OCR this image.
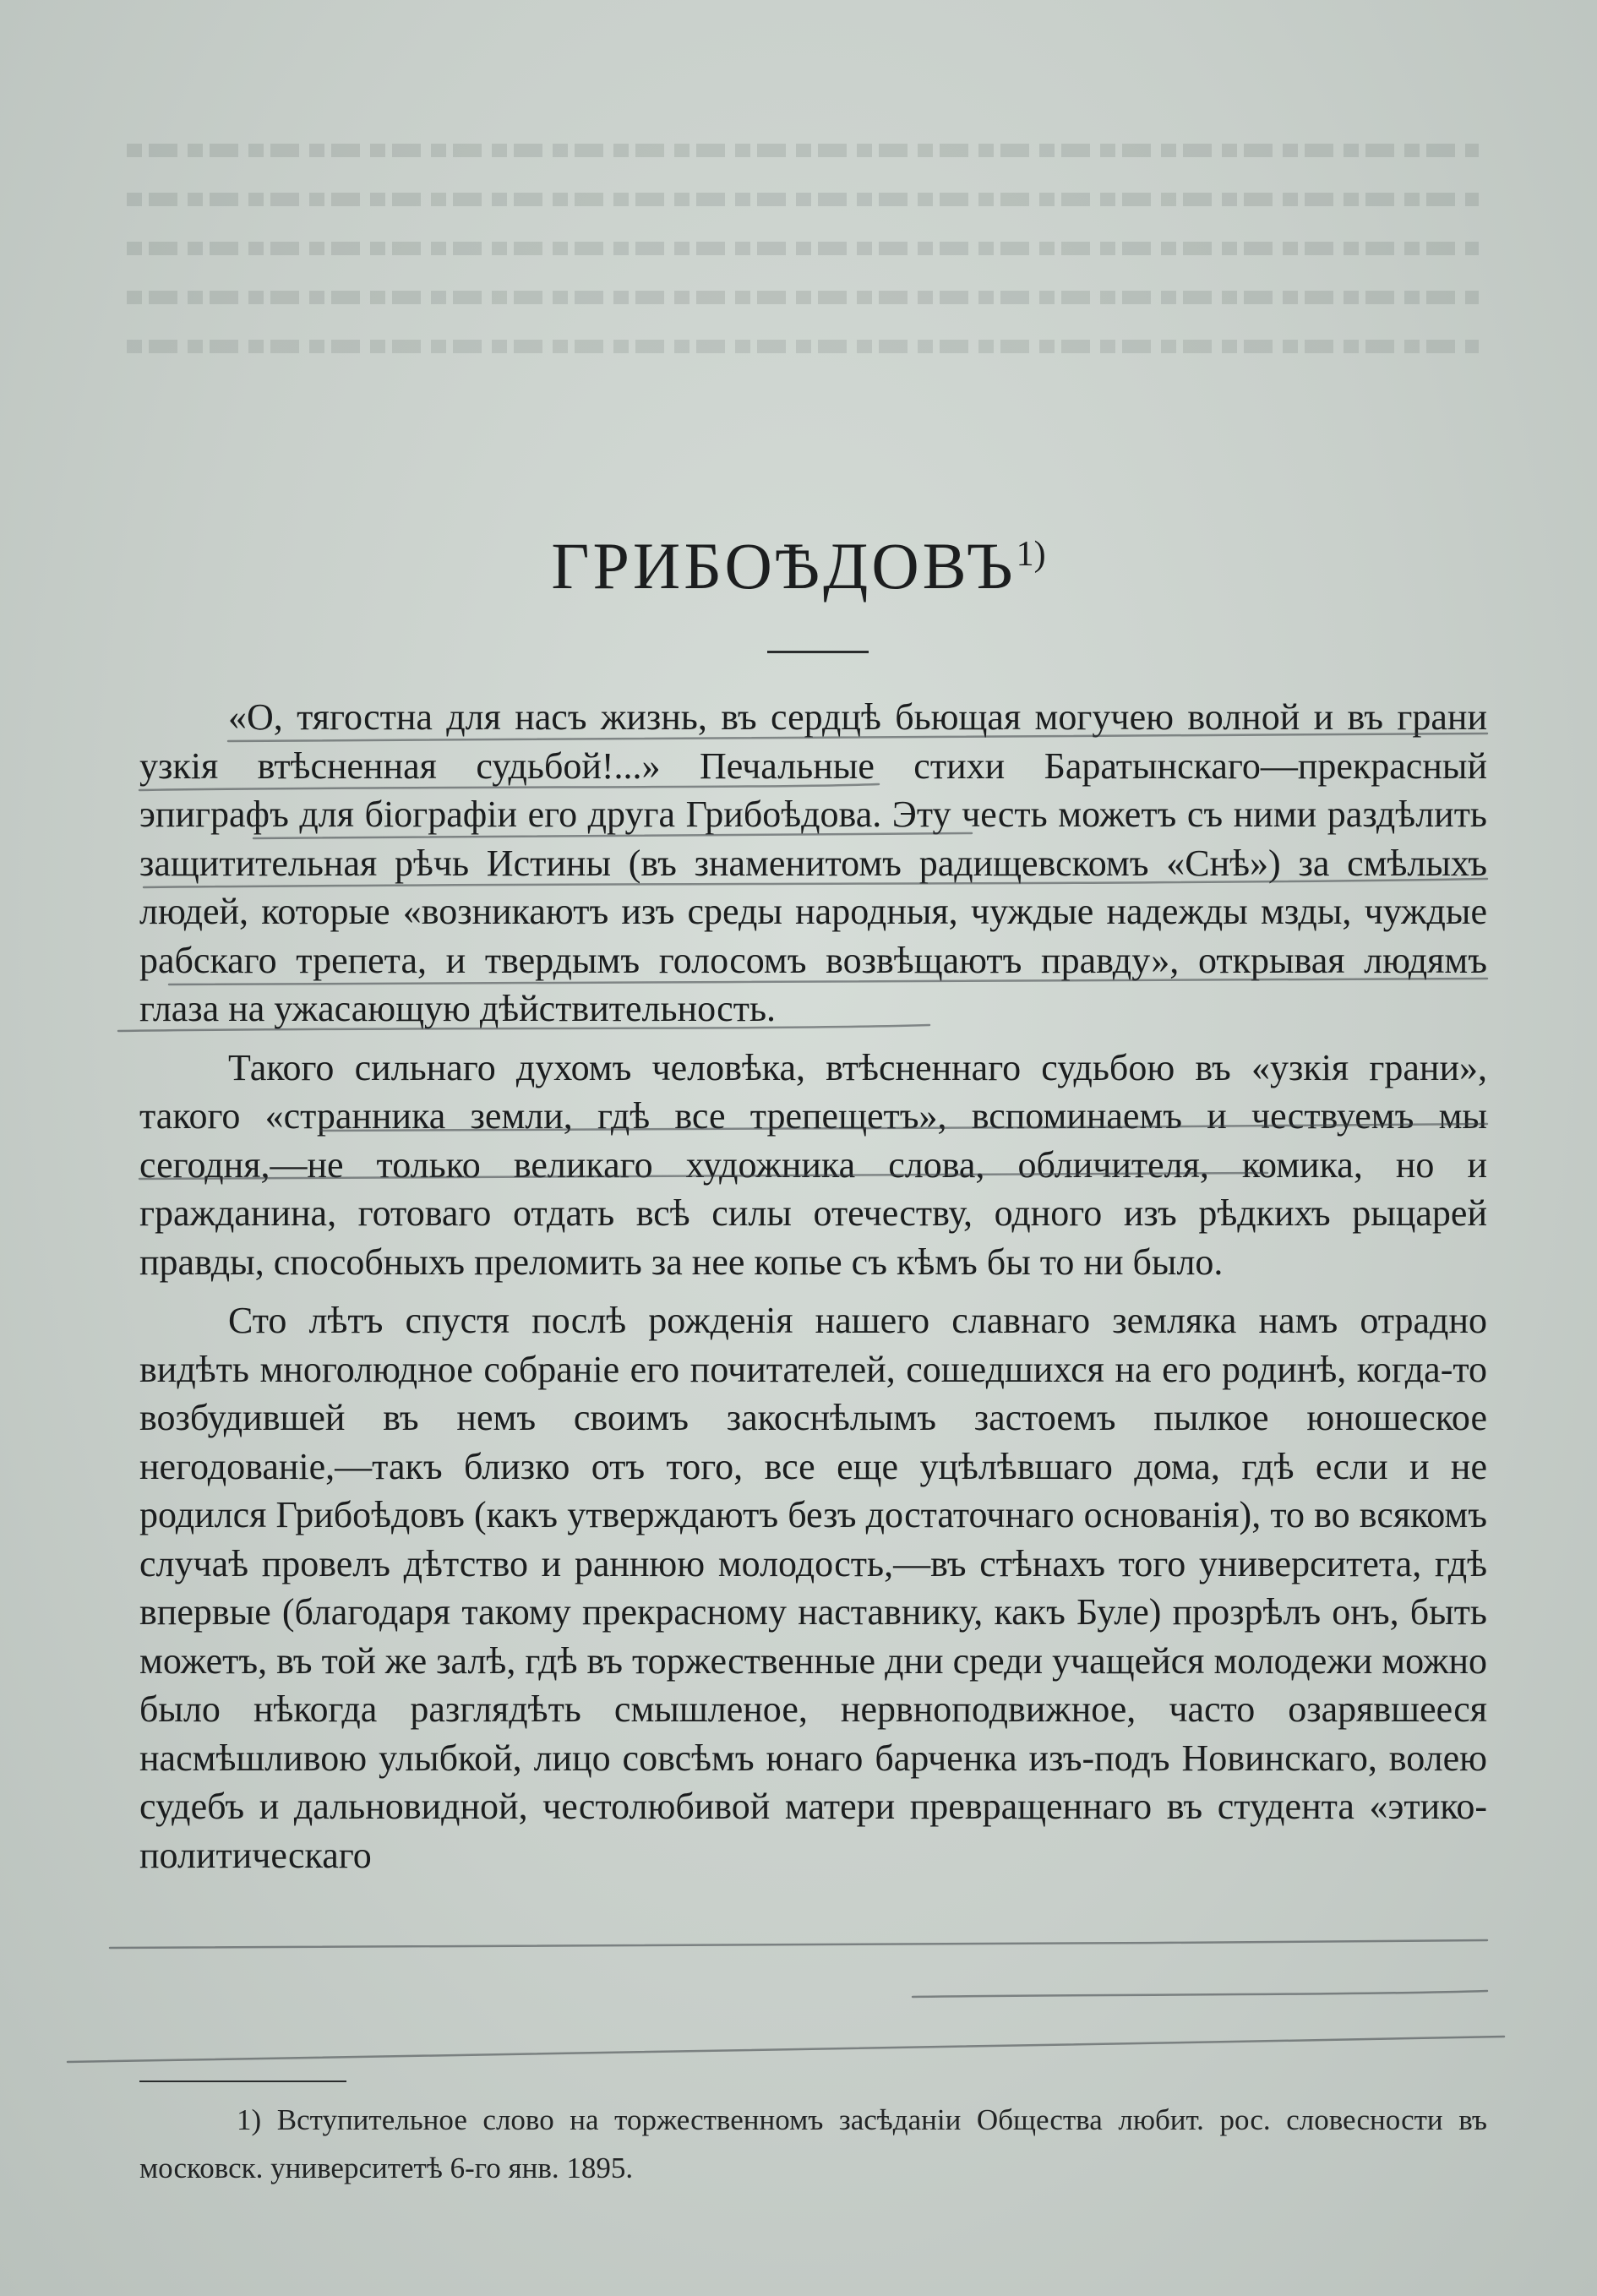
ГРИБОѢДОВЪ$^{1)}$

«О, тягостна для насъ жизнь, въ сердцѣ бьющая могучею волной и въ грани узкія втѣсненная судьбой!...» Печальные стихи Баратынскаго—прекрасный эпиграфъ для біографіи его друга Грибоѣдова. Эту честь можетъ съ ними раздѣлить защитительная рѣчь Истины (въ знаменитомъ радищевскомъ «Снѣ») за смѣлыхъ людей, которые «возникаютъ изъ среды народныя, чуждые надежды мзды, чуждые рабскаго трепета, и твердымъ голосомъ возвѣщаютъ правду», открывая людямъ глаза на ужасающую дѣйствительность.

Такого сильнаго духомъ человѣка, втѣсненнаго судьбою въ «узкія грани», такого «странника земли, гдѣ все трепещетъ», вспоминаемъ и чествуемъ мы сегодня,—не только великаго художника слова, обличителя, комика, но и гражданина, готоваго отдать всѣ силы отечеству, одного изъ рѣдкихъ рыцарей правды, способныхъ преломить за нее копье съ кѣмъ бы то ни было.

Сто лѣтъ спустя послѣ рожденія нашего славнаго земляка намъ отрадно видѣть многолюдное собраніе его почитателей, сошедшихся на его родинѣ, когда-то возбудившей въ немъ своимъ закоснѣлымъ застоемъ пылкое юношеское негодованіе,—такъ близко отъ того, все еще уцѣлѣвшаго дома, гдѣ если и не родился Грибоѣдовъ (какъ утверждаютъ безъ достаточнаго основанія), то во всякомъ случаѣ провелъ дѣтство и раннюю молодость,—въ стѣнахъ того университета, гдѣ впервые (благодаря такому прекрасному наставнику, какъ Буле) прозрѣлъ онъ, быть можетъ, въ той же залѣ, гдѣ въ торжественные дни среди учащейся молодежи можно было нѣкогда разглядѣть смышленое, нервноподвижное, часто озарявшееся насмѣшливою улыбкой, лицо совсѣмъ юнаго барченка изъ-подъ Новинскаго, волею судебъ и дальновидной, честолюбивой матери превращеннаго въ студента «этико-политическаго

1) Вступительное слово на торжественномъ засѣданіи Общества любит. рос. словесности въ московск. университетѣ 6-го янв. 1895.
